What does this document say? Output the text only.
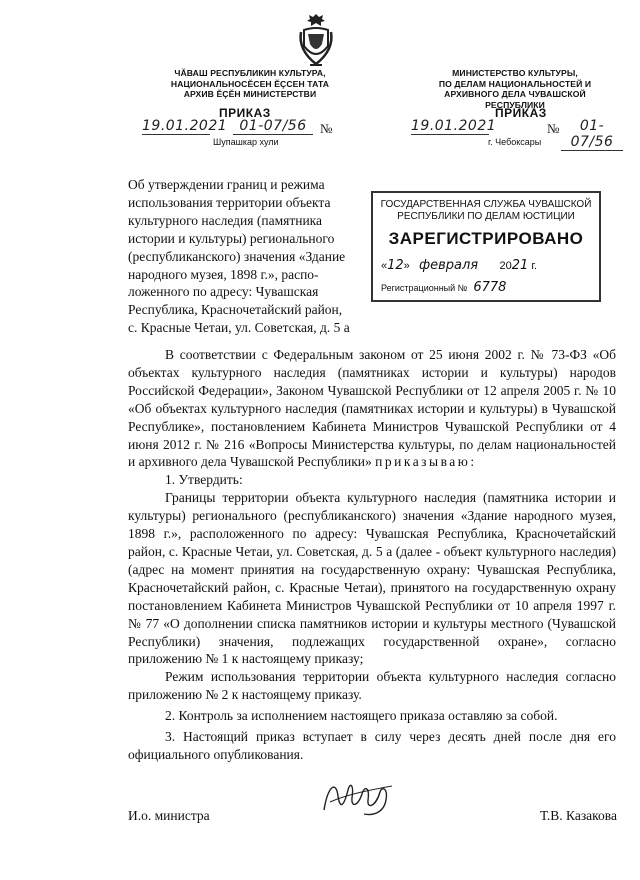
ЧĂВАШ РЕСПУБЛИКИН КУЛЬТУРА,
НАЦИОНАЛЬНОСĔСЕН ĔÇСЕН ТАТА
АРХИВ ĔÇĔН МИНИСТЕРСТВИ
МИНИСТЕРСТВО КУЛЬТУРЫ,
ПО ДЕЛАМ НАЦИОНАЛЬНОСТЕЙ И
АРХИВНОГО ДЕЛА ЧУВАШСКОЙ РЕСПУБЛИКИ
ПРИКАЗ	ПРИКАЗ
19.01.2021 01-07/56	№	19.01.2021	№	01-07/56
Шупашкар хули	г. Чебоксары
Об утверждении границ и режима
использования территории объекта
культурного наследия (памятника
истории и культуры) регионального
(республиканского) значения «Здание
народного музея, 1898 г.», распо-
ложенного по адресу: Чувашская
Республика, Красночетайский район,
с. Красные Четаи, ул. Советская, д. 5 а
ГОСУДАРСТВЕННАЯ СЛУЖБА ЧУВАШСКОЙ
РЕСПУБЛИКИ ПО ДЕЛАМ ЮСТИЦИИ
ЗАРЕГИСТРИРОВАНО
«12» февраля 2021 г.
Регистрационный № 6778

В соответствии с Федеральным законом от 25 июня 2002 г. № 73-ФЗ «Об объектах культурного наследия (памятниках истории и культуры) народов Российской Федерации», Законом Чувашской Республики от 12 апреля 2005 г. № 10 «Об объектах культурного наследия (памятниках истории и культуры) в Чувашской Республике», постановлением Кабинета Министров Чувашской Республики от 4 июня 2012 г. № 216 «Вопросы Министерства культуры, по делам национальностей и архивного дела Чувашской Республики» приказываю:

1. Утвердить:

Границы территории объекта культурного наследия (памятника истории и культуры) регионального (республиканского) значения «Здание народного музея, 1898 г.», расположенного по адресу: Чувашская Республика, Красночетайский район, с. Красные Четаи, ул. Советская, д. 5 а (далее - объект культурного наследия) (адрес на момент принятия на государственную охрану: Чувашская Республика, Красночетайский район, с. Красные Четаи), принятого на государственную охрану постановлением Кабинета Министров Чувашской Республики от 10 апреля 1997 г. № 77 «О дополнении списка памятников истории и культуры местного (Чувашской Республики) значения, подлежащих государственной охране», согласно приложению № 1 к настоящему приказу;

Режим использования территории объекта культурного наследия согласно приложению № 2 к настоящему приказу.

2. Контроль за исполнением настоящего приказа оставляю за собой.

3. Настоящий приказ вступает в силу через десять дней после дня его официального опубликования.

И.о. министра	Т.В. Казакова
